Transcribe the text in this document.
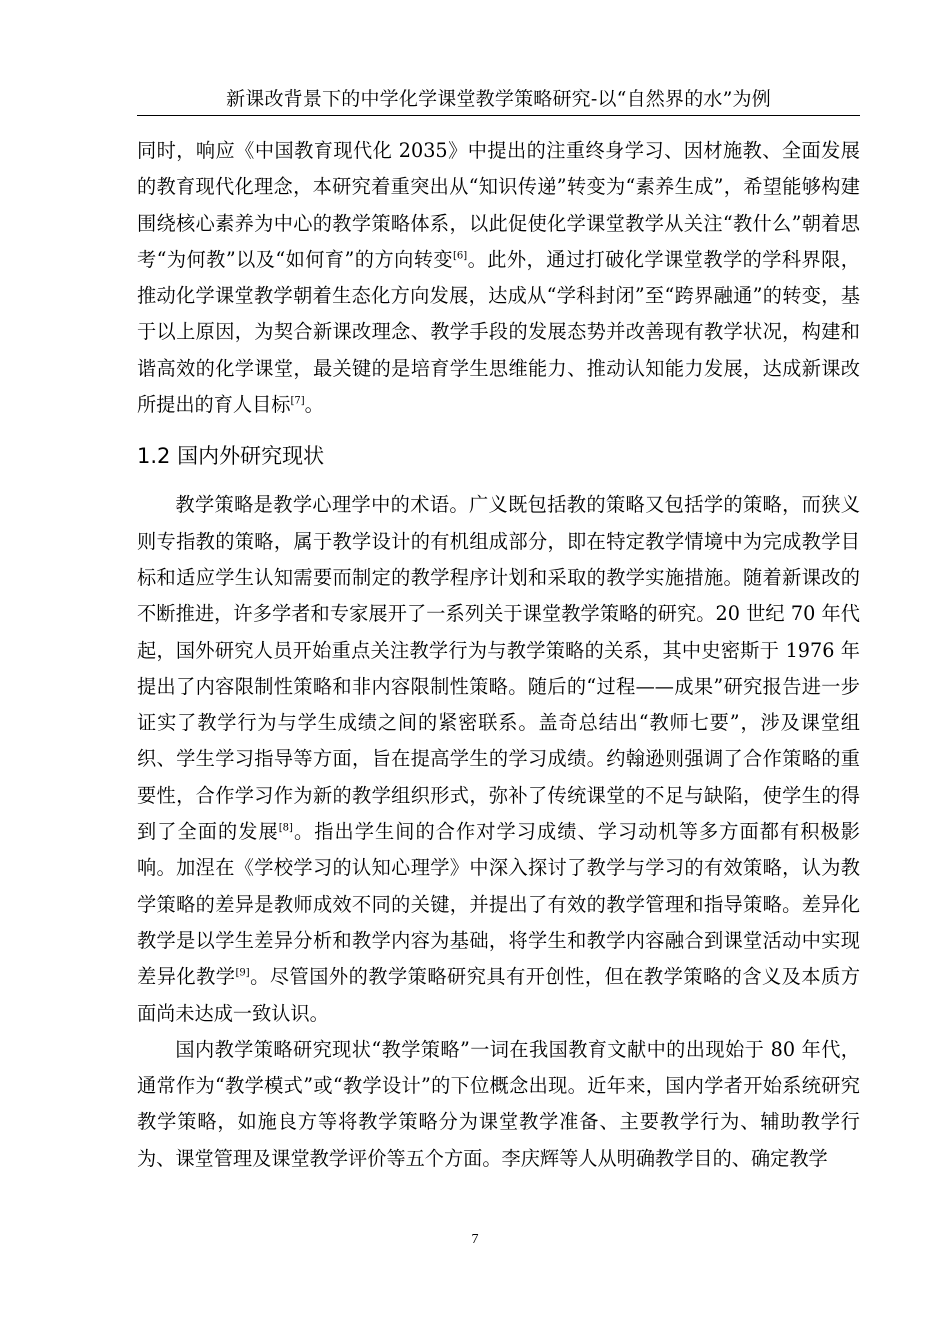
新课改背景下的中学化学课堂教学策略研究-以“自然界的水”为例

同时，响应《中国教育现代化 2035》中提出的注重终身学习、因材施教、全面发展的教育现代化理念，本研究着重突出从“知识传递”转变为“素养生成”，希望能够构建围绕核心素养为中心的教学策略体系，以此促使化学课堂教学从关注“教什么”朝着思考“为何教”以及“如何育”的方向转变[6]。此外，通过打破化学课堂教学的学科界限，推动化学课堂教学朝着生态化方向发展，达成从“学科封闭”至“跨界融通”的转变，基于以上原因，为契合新课改理念、教学手段的发展态势并改善现有教学状况，构建和谐高效的化学课堂，最关键的是培育学生思维能力、推动认知能力发展，达成新课改所提出的育人目标[7]。

1.2 国内外研究现状

教学策略是教学心理学中的术语。广义既包括教的策略又包括学的策略，而狭义则专指教的策略，属于教学设计的有机组成部分，即在特定教学情境中为完成教学目标和适应学生认知需要而制定的教学程序计划和采取的教学实施措施。随着新课改的不断推进，许多学者和专家展开了一系列关于课堂教学策略的研究。20 世纪 70 年代起，国外研究人员开始重点关注教学行为与教学策略的关系，其中史密斯于 1976 年提出了内容限制性策略和非内容限制性策略。随后的“过程——成果”研究报告进一步证实了教学行为与学生成绩之间的紧密联系。盖奇总结出“教师七要”，涉及课堂组织、学生学习指导等方面，旨在提高学生的学习成绩。约翰逊则强调了合作策略的重要性，合作学习作为新的教学组织形式，弥补了传统课堂的不足与缺陷，使学生的得到了全面的发展[8]。指出学生间的合作对学习成绩、学习动机等多方面都有积极影响。加涅在《学校学习的认知心理学》中深入探讨了教学与学习的有效策略，认为教学策略的差异是教师成效不同的关键，并提出了有效的教学管理和指导策略。差异化教学是以学生差异分析和教学内容为基础，将学生和教学内容融合到课堂活动中实现差异化教学[9]。尽管国外的教学策略研究具有开创性，但在教学策略的含义及本质方面尚未达成一致认识。

国内教学策略研究现状“教学策略”一词在我国教育文献中的出现始于 80 年代，通常作为“教学模式”或“教学设计”的下位概念出现。近年来，国内学者开始系统研究教学策略，如施良方等将教学策略分为课堂教学准备、主要教学行为、辅助教学行为、课堂管理及课堂教学评价等五个方面。李庆辉等人从明确教学目的、确定教学

7
